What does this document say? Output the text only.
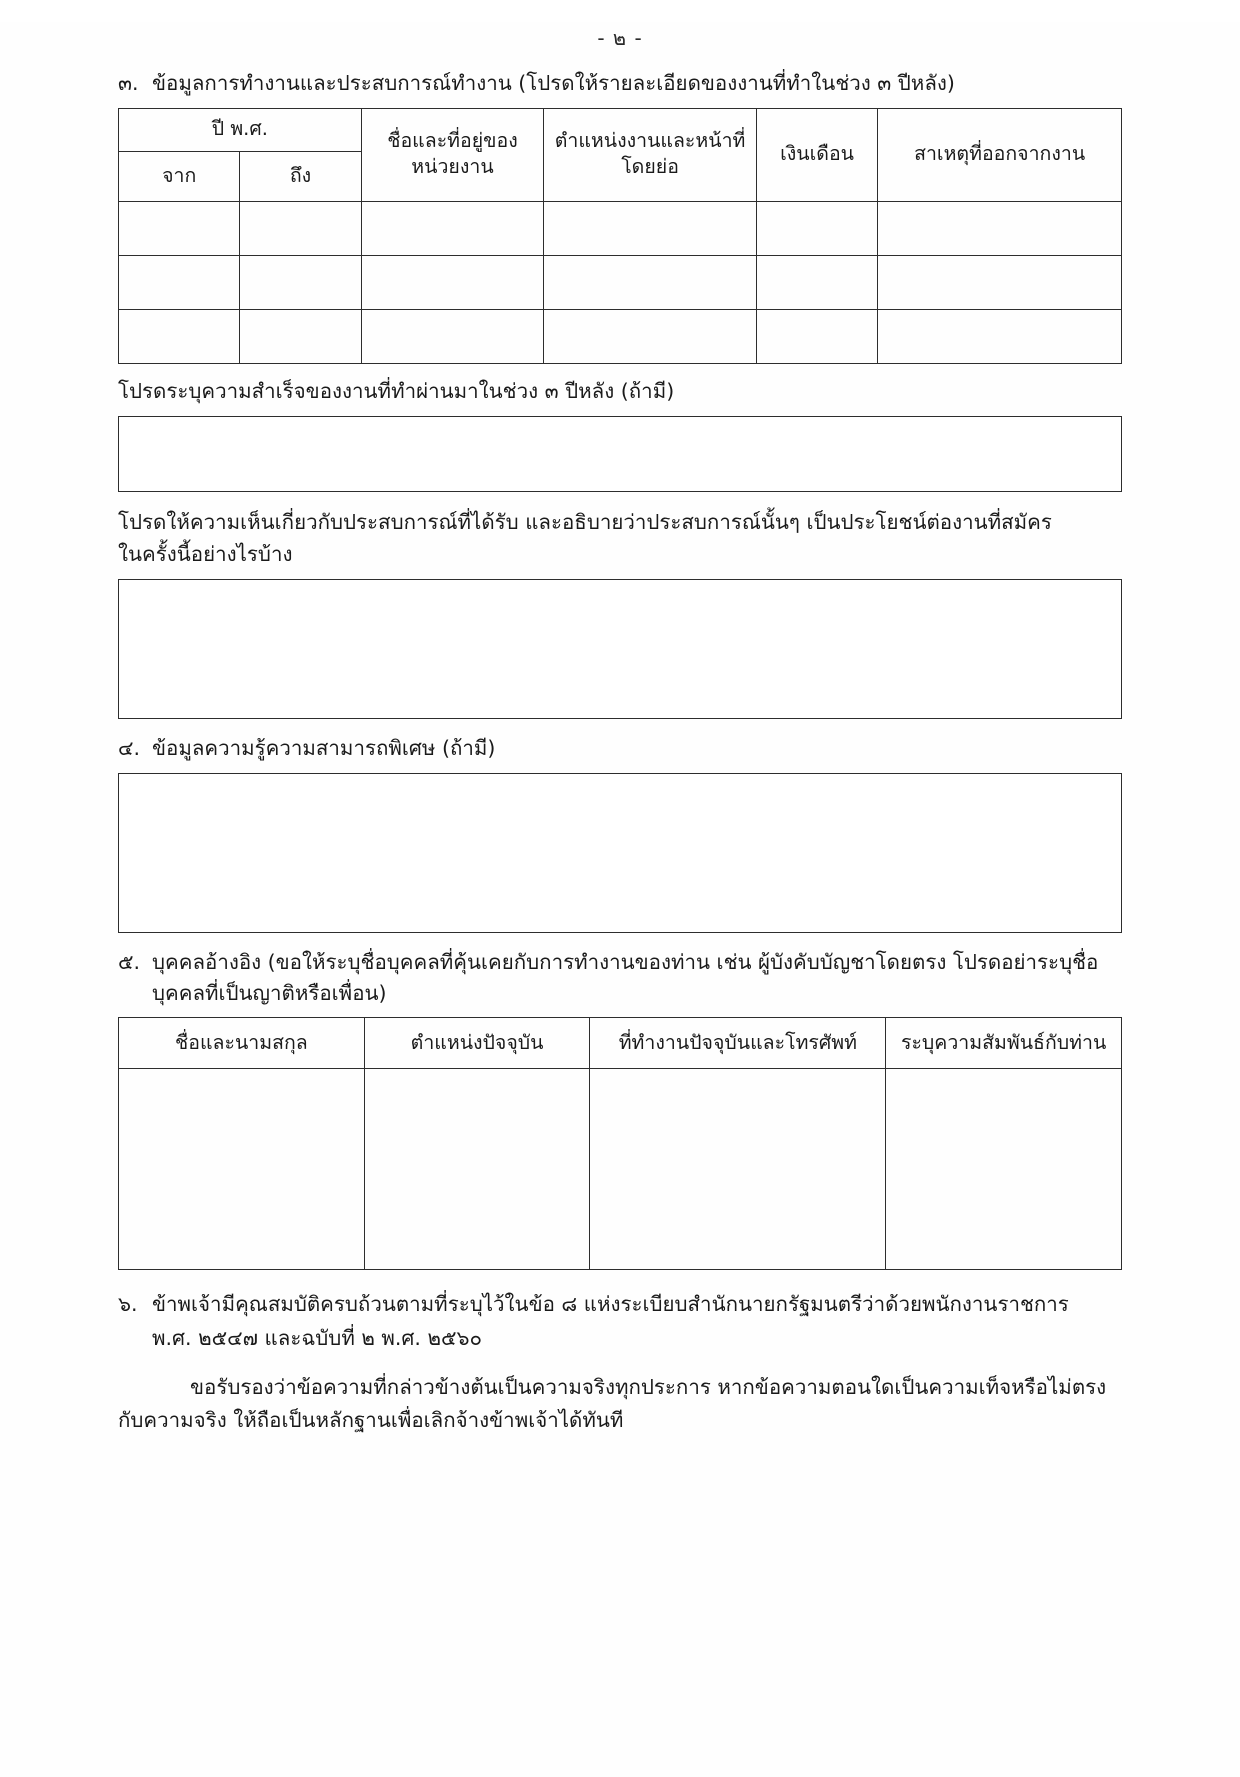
- ๒ -
๓. ข้อมูลการทำงานและประสบการณ์ทำงาน (โปรดให้รายละเอียดของงานที่ทำในช่วง ๓ ปีหลัง)
ปี พ.ศ.		ชื่อและที่อยู่ของหน่วยงาน	ตำแหน่งงานและหน้าที่โดยย่อ	เงินเดือน	สาเหตุที่ออกจากงาน

จาก	ถึง				

โปรดระบุความสำเร็จของงานที่ทำผ่านมาในช่วง ๓ ปีหลัง (ถ้ามี)
โปรดให้ความเห็นเกี่ยวกับประสบการณ์ที่ได้รับ และอธิบายว่าประสบการณ์นั้นๆ เป็นประโยชน์ต่องานที่สมัคร
ในครั้งนี้อย่างไรบ้าง
๔. ข้อมูลความรู้ความสามารถพิเศษ (ถ้ามี)
๕. บุคคลอ้างอิง (ขอให้ระบุชื่อบุคคลที่คุ้นเคยกับการทำงานของท่าน เช่น ผู้บังคับบัญชาโดยตรง โปรดอย่าระบุชื่อ บุคคลที่เป็นญาติหรือเพื่อน)
ชื่อและนามสกุล	ตำแหน่งปัจจุบัน	ที่ทำงานปัจจุบันและโทรศัพท์	ระบุความสัมพันธ์กับท่าน

๖. ข้าพเจ้ามีคุณสมบัติครบถ้วนตามที่ระบุไว้ในข้อ ๘ แห่งระเบียบสำนักนายกรัฐมนตรีว่าด้วยพนักงานราชการ
พ.ศ. ๒๕๔๗ และฉบับที่ ๒ พ.ศ. ๒๕๖๐
ขอรับรองว่าข้อความที่กล่าวข้างต้นเป็นความจริงทุกประการ หากข้อความตอนใดเป็นความเท็จหรือไม่ตรง
กับความจริง ให้ถือเป็นหลักฐานเพื่อเลิกจ้างข้าพเจ้าได้ทันที
